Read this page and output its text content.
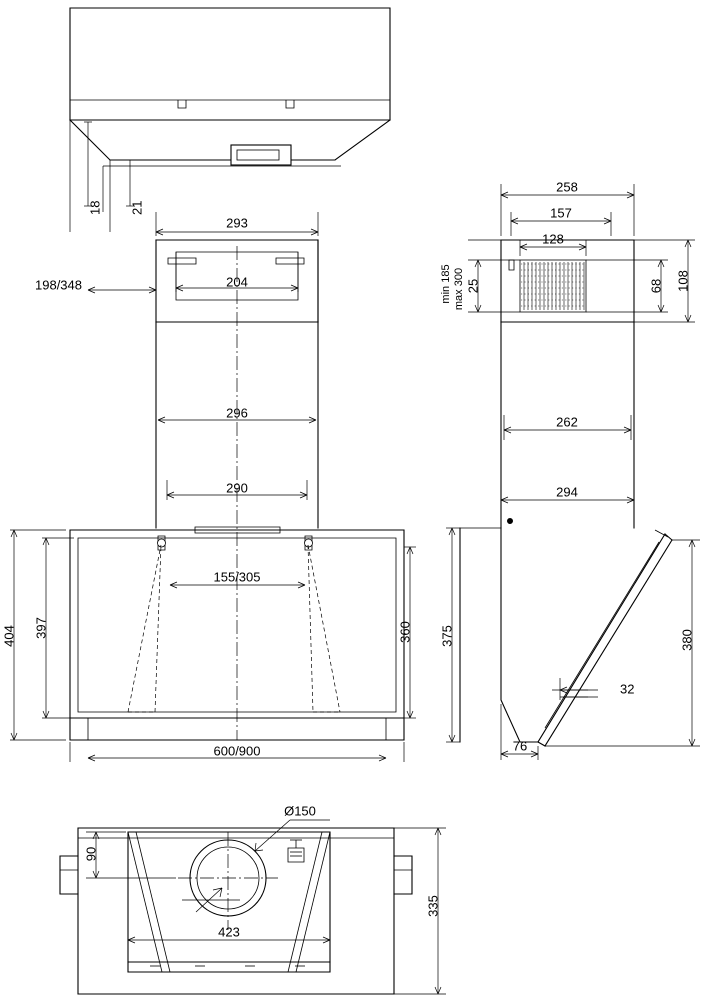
18 21
293
204
198/348
296
290
155/305
404 397	360
600/900
258
157
128
108
68
25
min 185 max 300
262
294
375	380
32
76
Ø150
90
335
423
